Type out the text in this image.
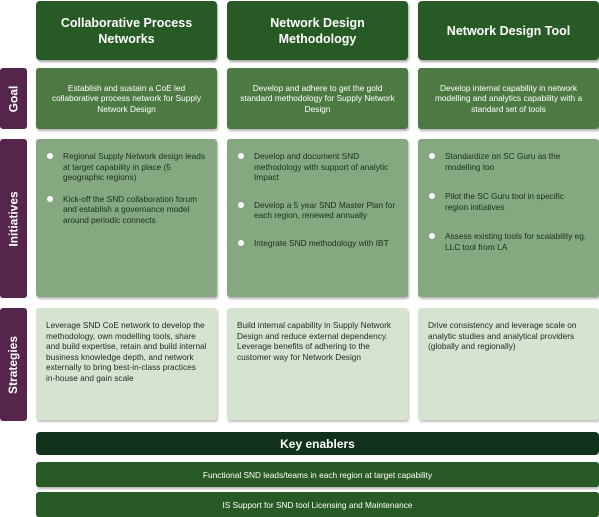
Collaborative Process Networks
Network Design Methodology
Network Design Tool
Goal
Initiatives
Strategies
Establish and sustain a CoE led collaborative process network for Supply Network Design
Develop and adhere to get the gold standard methodology for Supply Network Design
Develop internal capability in network modelling and analytics capability with a standard set of tools
Regional Supply Network design leads at target capability in place (5 geographic regions)
Kick-off the SND collaboration forum and establish a governance model around periodic connects
Develop and document SND methodology with support of analytic Impact
Develop a 5 year SND Master Plan for each region, renewed annually
Integrate SND methodology with IBT
Standardize on SC Guru as the modelling too
Pilot the SC Guru tool in specific region initiatives
Assess existing tools for scalability eg. LLC tool from LA
Leverage SND CoE network to develop the methodology, own modelling tools, share and build expertise, retain and build internal business knowledge depth, and network externally to bring best-in-class practices in-house and gain scale
Build internal capability in Supply Network Design and reduce external dependency. Leverage benefits of adhering to the customer way for Network Design
Drive consistency and leverage scale on analytic studies and analytical providers (globally and regionally)
Key enablers
Functional SND leads/teams in each region at target capability
IS Support for SND tool Licensing and Maintenance
